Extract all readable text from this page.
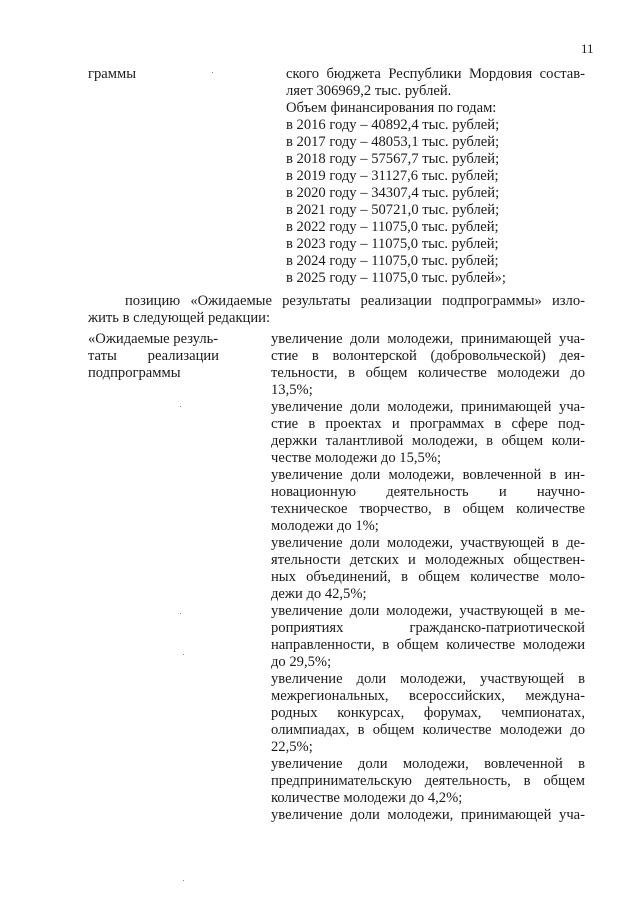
11
граммы	ского бюджета Республики Мордовия состав-
ляет 306969,2 тыс. рублей.
Объем финансирования по годам:
в 2016 году – 40892,4 тыс. рублей;
в 2017 году – 48053,1 тыс. рублей;
в 2018 году – 57567,7 тыс. рублей;
в 2019 году – 31127,6 тыс. рублей;
в 2020 году – 34307,4 тыс. рублей;
в 2021 году – 50721,0 тыс. рублей;
в 2022 году – 11075,0 тыс. рублей;
в 2023 году – 11075,0 тыс. рублей;
в 2024 году – 11075,0 тыс. рублей;
в 2025 году – 11075,0 тыс. рублей»;
позицию «Ожидаемые результаты реализации подпрограммы» изло-
жить в следующей редакции:
«Ожидаемые резуль-
таты реализации
подпрограммы
увеличение доли молодежи, принимающей уча-
стие в волонтерской (добровольческой) дея-
тельности, в общем количестве молодежи до
13,5%;
увеличение доли молодежи, принимающей уча-
стие в проектах и программах в сфере под-
держки талантливой молодежи, в общем коли-
честве молодежи до 15,5%;
увеличение доли молодежи, вовлеченной в ин-
новационную деятельность и научно-
техническое творчество, в общем количестве
молодежи до 1%;
увеличение доли молодежи, участвующей в де-
ятельности детских и молодежных обществен-
ных объединений, в общем количестве моло-
дежи до 42,5%;
увеличение доли молодежи, участвующей в ме-
роприятиях гражданско-патриотической
направленности, в общем количестве молодежи
до 29,5%;
увеличение доли молодежи, участвующей в
межрегиональных, всероссийских, междуна-
родных конкурсах, форумах, чемпионатах,
олимпиадах, в общем количестве молодежи до
22,5%;
увеличение доли молодежи, вовлеченной в
предпринимательскую деятельность, в общем
количестве молодежи до 4,2%;
увеличение доли молодежи, принимающей уча-
